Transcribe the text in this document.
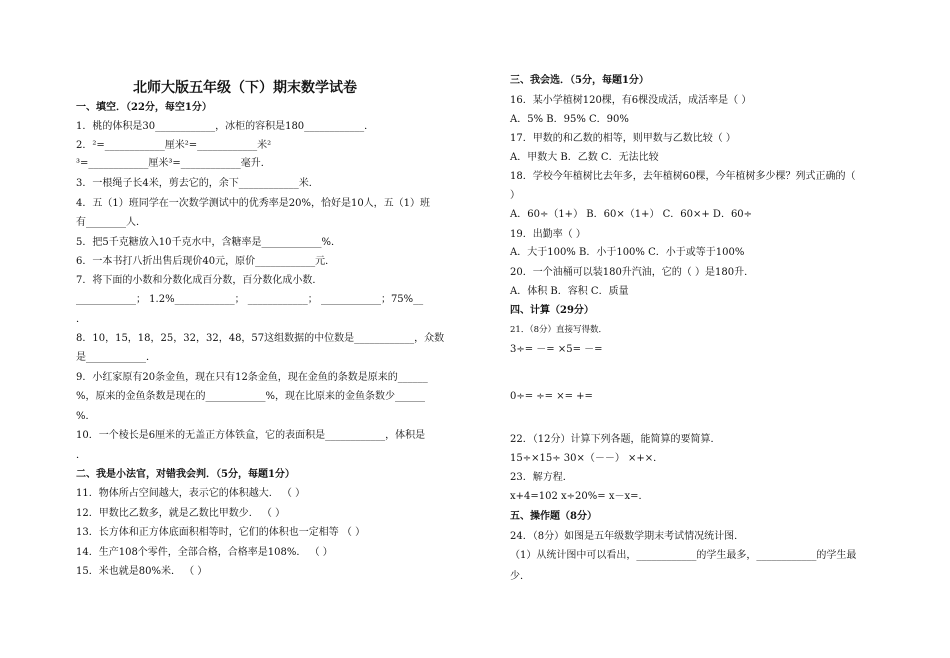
北师大版五年级（下）期末数学试卷
一、填空．（22分，每空1分）
1．桃的体积是30____________，冰柜的容积是180____________．
2．²=____________厘米²=____________米²
³=____________厘米³=____________毫升．
3．一根绳子长4米，剪去它的，余下____________米．
4．五（1）班同学在一次数学测试中的优秀率是20%，恰好是10人，五（1）班
有________人．
5．把5千克糖放入10千克水中，含糖率是____________%．
6．一本书打八折出售后现价40元，原价____________元．
7．将下面的小数和分数化成百分数，百分数化成小数．
____________； 1.2%____________； ____________； ____________；75%__
．
8．10，15，18，25，32，32，48，57这组数据的中位数是____________，众数
是____________．
9．小红家原有20条金鱼，现在只有12条金鱼，现在金鱼的条数是原来的______
%，原来的金鱼条数是现在的____________%，现在比原来的金鱼条数少______
%．
10．一个棱长是6厘米的无盖正方体铁盒，它的表面积是____________，体积是
．
二、我是小法官，对错我会判．（5分，每题1分）
11．物体所占空间越大，表示它的体积越大． （ ）
12．甲数比乙数多，就是乙数比甲数少． （ ）
13．长方体和正方体底面积相等时，它们的体积也一定相等 （ ）
14．生产108个零件，全部合格，合格率是108%． （ ）
15．米也就是80%米． （ ）
三、我会选．（5分，每题1分）
16．某小学植树120棵，有6棵没成活，成活率是（ ）
A．5% B．95% C．90%
17．甲数的和乙数的相等，则甲数与乙数比较（ ）
A．甲数大 B．乙数 C．无法比较
18．学校今年植树比去年多，去年植树60棵，今年植树多少棵？列式正确的（
）
A．60÷（1+） B．60×（1+） C．60×+ D．60÷
19．出勤率（ ）
A．大于100% B．小于100% C．小于或等于100%
20．一个油桶可以装180升汽油，它的（ ）是180升．
A．体积 B．容积 C．质量
四、计算（29分）
21．（8分）直接写得数．
3÷= －= ×5= －=
0÷= ÷= ×= +=
22．（12分）计算下列各题，能简算的要简算．
15÷×15÷ 30×（－－） ×+×．
23．解方程．
x+4=102 x÷20%= x－x=．
五、操作题（8分）
24．（8分）如图是五年级数学期末考试情况统计图．
（1）从统计图中可以看出，____________的学生最多，____________的学生最
少．
